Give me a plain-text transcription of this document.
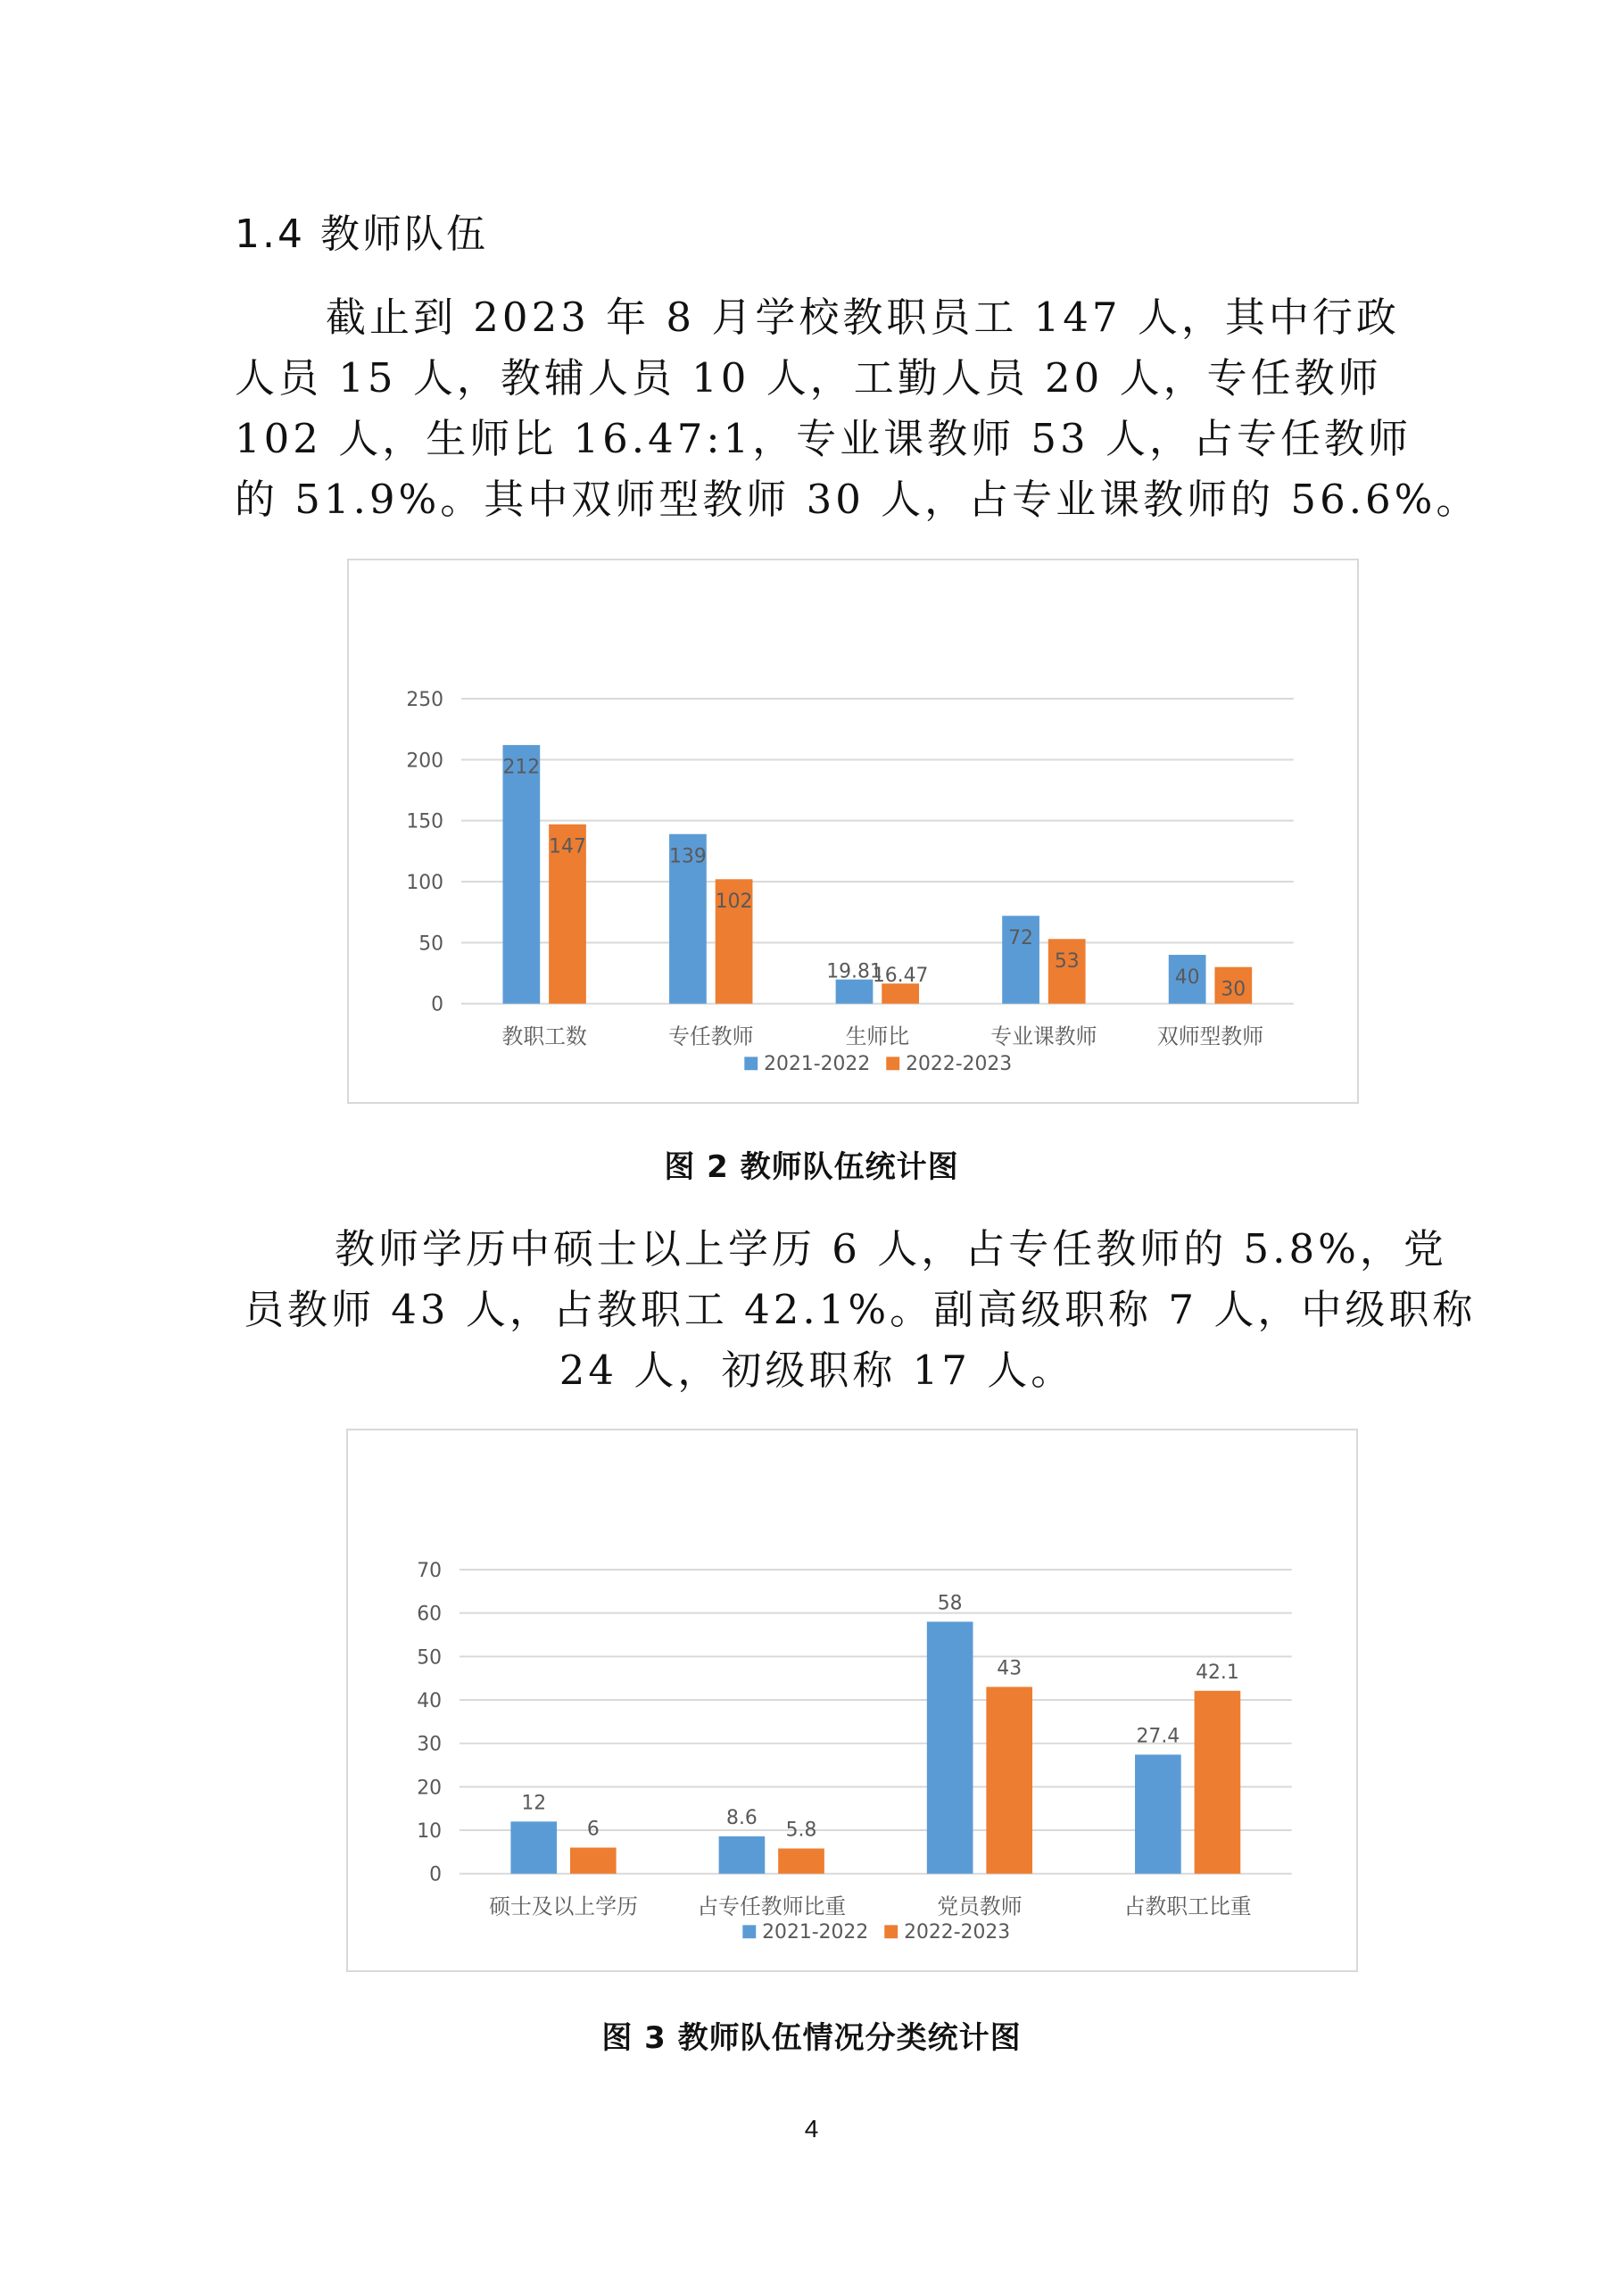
1.4 教师队伍
截止到 2023 年 8 月学校教职员工 147 人，其中行政
人员 15 人，教辅人员 10 人，工勤人员 20 人，专任教师
102 人，生师比 16.47:1，专业课教师 53 人，占专任教师
的 51.9%。其中双师型教师 30 人，占专业课教师的 56.6%。
0
50
100
150
200
250
212
147
教职工数
139
102
专任教师
19.81
16.47
生师比
72
53
专业课教师
40
30
双师型教师
2021-2022 2022-2023
图 2 教师队伍统计图
教师学历中硕士以上学历 6 人，占专任教师的 5.8%，党
员教师 43 人，占教职工 42.1%。副高级职称 7 人，中级职称
24 人，初级职称 17 人。
0
10
20
30
40
50
60
70
12
6
硕士及以上学历
8.6
5.8
占专任教师比重
58
43
党员教师
27.4
42.1
占教职工比重
2021-2022 2022-2023
图 3 教师队伍情况分类统计图
4
